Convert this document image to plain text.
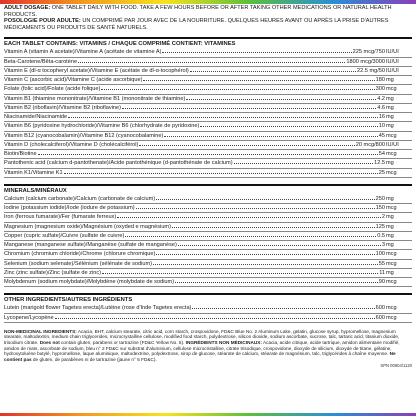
ADULT DOSAGE: ONE TABLET DAILY WITH FOOD. TAKE A FEW HOURS BEFORE OR AFTER TAKING OTHER MEDICATIONS OR NATURAL HEALTH PRODUCTS.

POSOLOGIE POUR ADULTE: UN COMPRIMÉ PAR JOUR AVEC DE LA NOURRITURE. QUELQUES HEURES AVANT OU APRÈS LA PRISE D'AUTRES MÉDICAMENTS OU PRODUITS DE SANTÉ NATURELS.

EACH TABLET CONTAINS: VITAMINS / CHAQUE COMPRIMÉ CONTIENT: VITAMINES
Vitamin A (vitamin A acetate)/Vitamine A (acétate de vitamine A)	225 mcg/750 IU/UI
Beta-Carotene/Bêta-carotène	1800 mcg/3000 IU/UI
Vitamin E (dl-α tocopheryl acetate)/Vitamine E (acétate de dl-α-tocophérol)	22.5 mg/50 IU/UI
Vitamin C (ascorbic acid)/Vitamine C (acide ascorbique)	180 mg
Folate (folic acid)/Folate (acide folique)	300 mcg
Vitamin B1 (thiamine mononitrate)/Vitamine B1 (mononitrate de thiamine)	4.2 mg
Vitamin B2 (riboflavin)/Vitamine B2 (riboflavine)	4.6 mg
Niacinamide/Niacinamide	16 mg
Vitamin B6 (pyridoxine hydrochloride)/Vitamine B6 (chlorhydrate de pyridoxine)	10 mg
Vitamin B12 (cyanocobalamin)/Vitamine B12 (cyanocobalamine)	45 mcg
Vitamin D (cholecalciferol)/Vitamine D (cholécalciférol)	20 mcg/800 IU/UI
Biotin/Biotine	54 mcg
Pantothenic acid (calcium d-pantothenate)/Acide pantothénique (d-pantothénate de calcium)	12.5 mg
Vitamin K1/Vitamine K1	25 mcg
MINERALS/MINÉRAUX
Calcium (calcium carbonate)/Calcium (carbonate de calcium)	250 mg
Iodine (potassium iodide)/Iode (iodure de potassium)	150 mcg
Iron (ferrous fumarate)/Fer (fumarate ferreux)	2 mg
Magnesium (magnesium oxide)/Magnésium (oxyded e magnésium)	125 mg
Copper (cupric sulfate)/Cuivre (sulfate de cuivre)	0.5 mg
Manganese (manganese sulfate)/Manganèse (sulfate de manganèse)	3 mg
Chromium (chromium chloride)/Chrome (chlorure chromique)	100 mcg
Selenium (sodium selenate)/Sélénium (sélénate de sodium)	55 mcg
Zinc (zinc sulfate)/Zinc (sulfate de zinc)	11 mg
Molybdenum (sodium molybdate)/Molybdène (molybdate de sodium)	90 mcg
OTHER INGREDIENTS/AUTRES INGRÉDIENTS
Lutein (marigold flower Tagetes erecta)/Lutéine (rose d'Inde Tagetes erecta)	600 mcg
Lycopene/Lycopène	600 mcg
NON-MEDICINAL INGREDIENTS: Acacia, BHT, calcium stearate, citric acid, corn starch, crospovidone, FD&C Blue No. 2 Aluminum Lake, gelatin, glucose syrup, hypromellose, magnesium stearate, maltodextrin, medium chain triglycerides, microcrystalline cellulose, modified food starch, polydextrose, silicon dioxide, sodium ascorbate, sucrose, talc, tartaric acid, titanium dioxide, trisodium citrate. Does not contain gluten, parabens or tartrazine (FD&C Yellow No. 5). INGRÉDIENTS NON MÉDICINAUX: Acacia, acide citrique, acide tartrique, amidon alimentaire modifié, amidon de maïs, ascorbate de sodium, bleu n° 2 FD&C sur substrat d'aluminium, cellulose microcristalline, citrate trisodique, crospovidone, dioxyde de silicium, dioxyde de titane, gélatine, hydroxytoluène butylé, hypromellose, laque aluminique, maltodextrine, polydextrose, sirop de glucose, stéarate de calcium, stéarate de magnésium, talc, triglycérides à chaîne moyenne. Ne contient pas de gluten, de parabènes ni de tartrazine (jaune n° 5 FD&C).
SPN 00604/1120
